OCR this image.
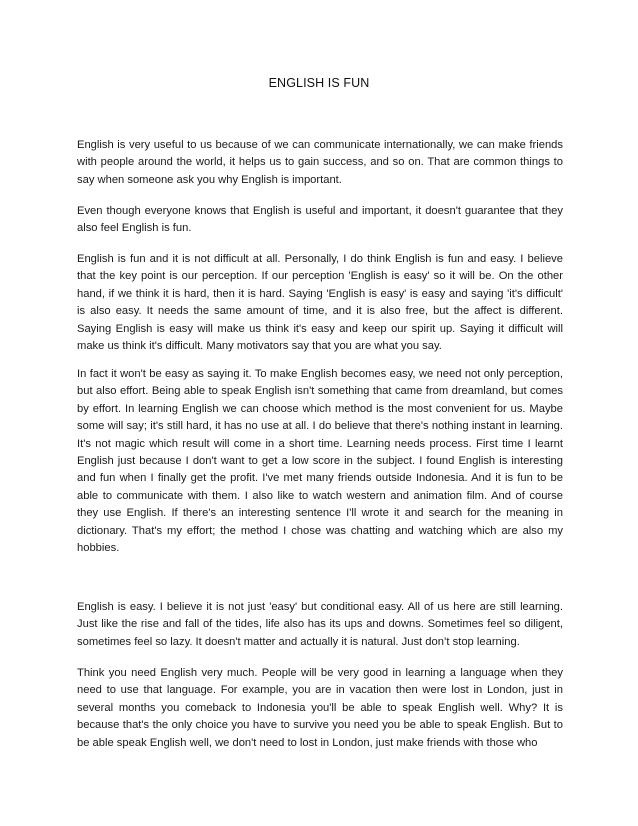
ENGLISH IS FUN

English is very useful to us because of we can communicate internationally, we can make friends with people around the world, it helps us to gain success, and so on. That are common things to say when someone ask you why English is important.

Even though everyone knows that English is useful and important, it doesn't guarantee that they also feel English is fun.

English is fun and it is not difficult at all. Personally, I do think English is fun and easy. I believe that the key point is our perception. If our perception 'English is easy' so it will be. On the other hand, if we think it is hard, then it is hard. Saying 'English is easy' is easy and saying 'it's difficult' is also easy. It needs the same amount of time, and it is also free, but the affect is different. Saying English is easy will make us think it's easy and keep our spirit up. Saying it difficult will make us think it's difficult. Many motivators say that you are what you say.

In fact it won't be easy as saying it. To make English becomes easy, we need not only perception, but also effort. Being able to speak English isn't something that came from dreamland, but comes by effort. In learning English we can choose which method is the most convenient for us. Maybe some will say; it's still hard, it has no use at all. I do believe that there's nothing instant in learning. It's not magic which result will come in a short time. Learning needs process. First time I learnt English just because I don't want to get a low score in the subject. I found English is interesting and fun when I finally get the profit. I've met many friends outside Indonesia. And it is fun to be able to communicate with them. I also like to watch western and animation film. And of course they use English. If there's an interesting sentence I'll wrote it and search for the meaning in dictionary. That's my effort; the method I chose was chatting and watching which are also my hobbies.

English is easy. I believe it is not just 'easy' but conditional easy. All of us here are still learning. Just like the rise and fall of the tides, life also has its ups and downs. Sometimes feel so diligent, sometimes feel so lazy. It doesn't matter and actually it is natural. Just don’t stop learning.

Think you need English very much. People will be very good in learning a language when they need to use that language. For example, you are in vacation then were lost in London, just in several months you comeback to Indonesia you'll be able to speak English well. Why? It is because that's the only choice you have to survive you need you be able to speak English. But to be able speak English well, we don't need to lost in London, just make friends with those who
